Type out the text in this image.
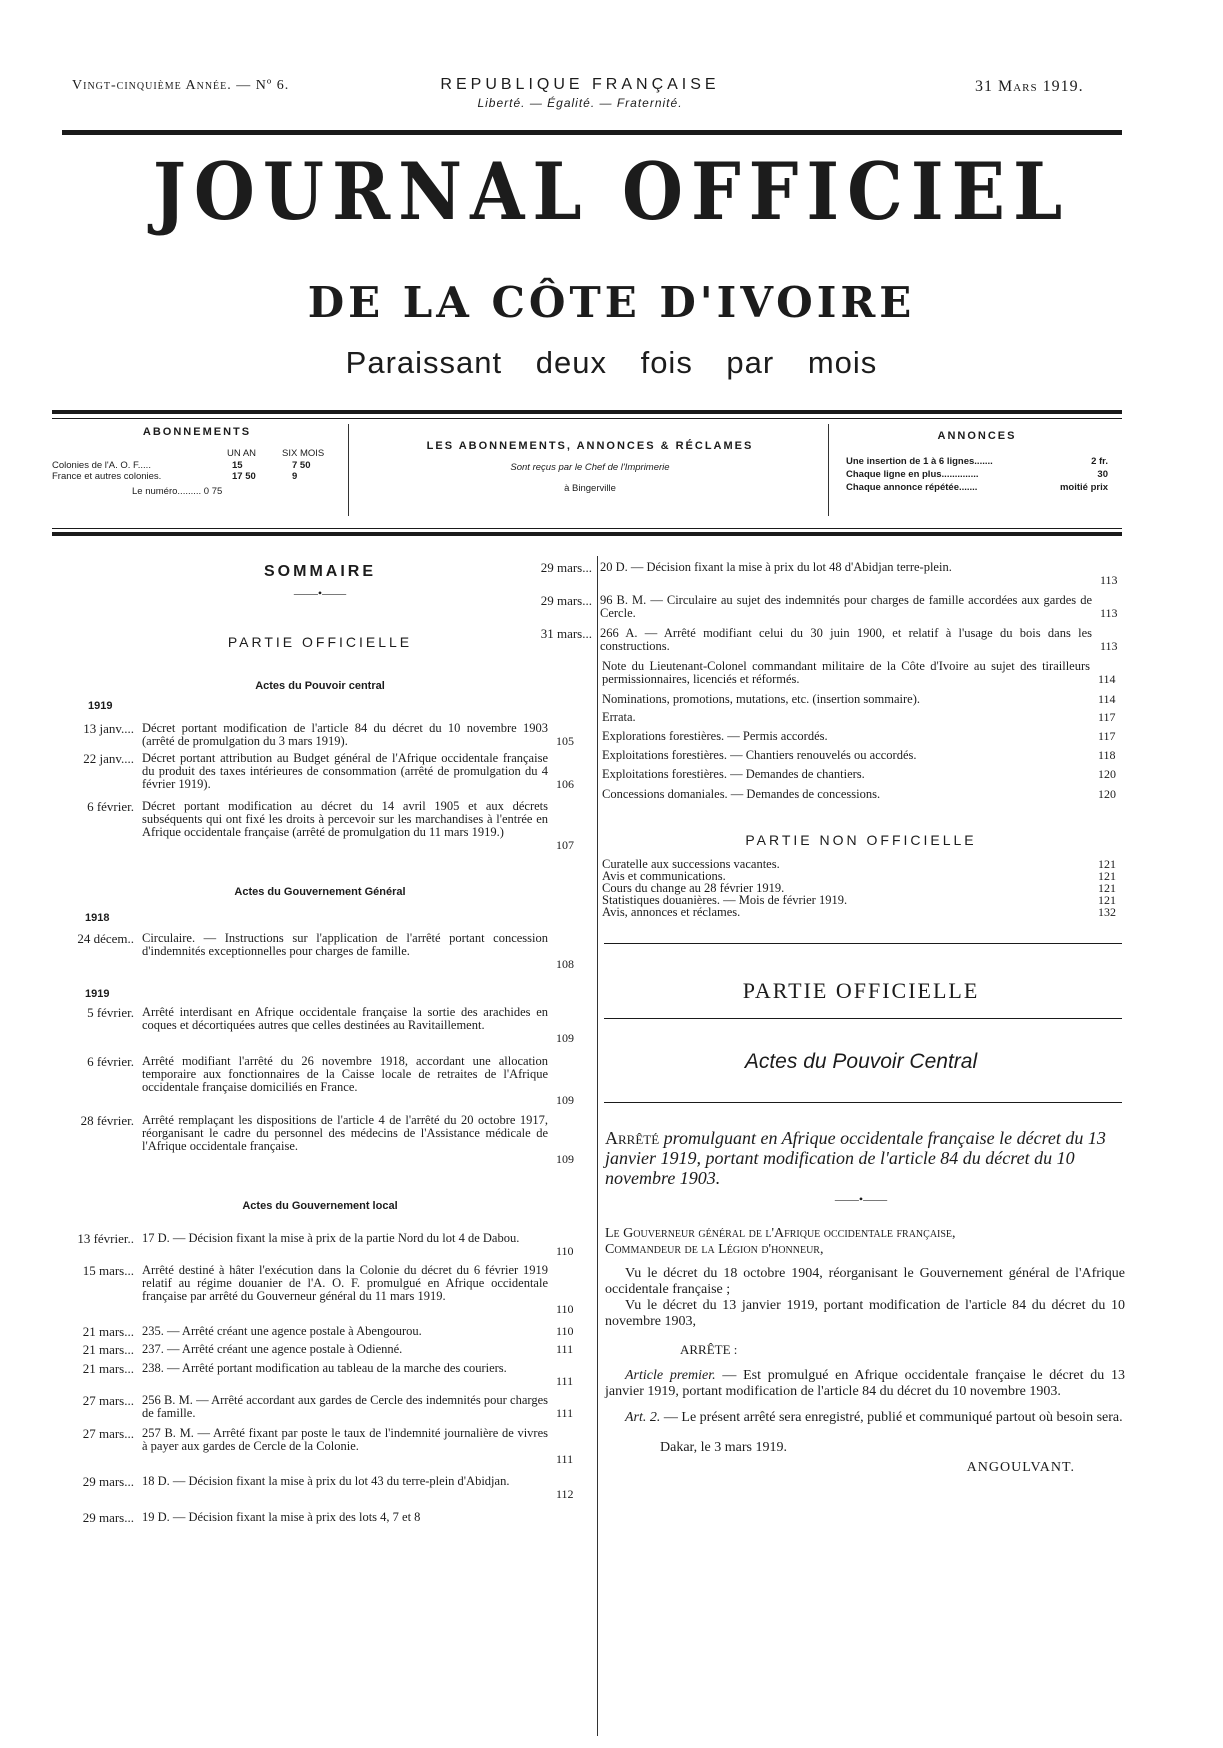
Vingt-cinquième Année. — Nº 6.	REPUBLIQUE FRANÇAISE
Liberté. — Égalité. — Fraternité.
31 Mars 1919.
JOURNAL OFFICIEL
DE LA CÔTE D'IVOIRE
Paraissant deux fois par mois
ABONNEMENTS
UN AN	SIX MOIS
Colonies de l'A. O. F.....	15	7 50
France et autres colonies.	17 50	9
Le numéro......... 0 75
LES ABONNEMENTS, ANNONCES & RÉCLAMES
Sont reçus par le Chef de l'Imprimerie
à Bingerville
ANNONCES
Une insertion de 1 à 6 lignes.......	2 fr.
Chaque ligne en plus..............	30
Chaque annonce répétée.......	moitié prix
SOMMAIRE
——•——
PARTIE OFFICIELLE
Actes du Pouvoir central
1919
Actes du Gouvernement Général
1918
1919
Actes du Gouvernement local
13 janv.... Décret portant modification de l'article 84 du décret du 10 novembre 1903 (arrêté de promulgation du 3 mars 1919).	105
22 janv.... Décret portant attribution au Budget général de l'Afrique occidentale française du produit des taxes intérieures de consommation (arrêté de promulgation du 4 février 1919).	106
6 février. Décret portant modification au décret du 14 avril 1905 et aux décrets subséquents qui ont fixé les droits à percevoir sur les marchandises à l'entrée en Afrique occidentale française (arrêté de promulgation du 11 mars 1919.)
107
24 décem.. Circulaire. — Instructions sur l'application de l'arrêté portant concession d'indemnités exceptionnelles pour charges de famille.
108
5 février. Arrêté interdisant en Afrique occidentale française la sortie des arachides en coques et décortiquées autres que celles destinées au Ravitaillement.
109
6 février. Arrêté modifiant l'arrêté du 26 novembre 1918, accordant une allocation temporaire aux fonctionnaires de la Caisse locale de retraites de l'Afrique occidentale française domiciliés en France.
109
28 février. Arrêté remplaçant les dispositions de l'article 4 de l'arrêté du 20 octobre 1917, réorganisant le cadre du personnel des médecins de l'Assistance médicale de l'Afrique occidentale française.
109
13 février.. 17 D. — Décision fixant la mise à prix de la partie Nord du lot 4 de Dabou.
110
15 mars... Arrêté destiné à hâter l'exécution dans la Colonie du décret du 6 février 1919 relatif au régime douanier de l'A. O. F. promulgué en Afrique occidentale française par arrêté du Gouverneur général du 11 mars 1919.
110
21 mars... 235. — Arrêté créant une agence postale à Abengourou.	110
21 mars... 237. — Arrêté créant une agence postale à Odienné.	111
21 mars... 238. — Arrêté portant modification au tableau de la marche des couriers.
111
27 mars... 256 B. M. — Arrêté accordant aux gardes de Cercle des indemnités pour charges de famille.	111
27 mars... 257 B. M. — Arrêté fixant par poste le taux de l'indemnité journalière de vivres à payer aux gardes de Cercle de la Colonie.
111
29 mars... 18 D. — Décision fixant la mise à prix du lot 43 du terre-plein d'Abidjan.
112
29 mars... 19 D. — Décision fixant la mise à prix des lots 4, 7 et 8
29 mars... 20 D. — Décision fixant la mise à prix du lot 48 d'Abidjan terre-plein.
113
29 mars... 96 B. M. — Circulaire au sujet des indemnités pour charges de famille accordées aux gardes de Cercle.	113
31 mars... 266 A. — Arrêté modifiant celui du 30 juin 1900, et relatif à l'usage du bois dans les constructions.	113
Note du Lieutenant-Colonel commandant militaire de la Côte d'Ivoire au sujet des tirailleurs permissionnaires, licenciés et réformés.	114
Nominations, promotions, mutations, etc. (insertion sommaire).	114
Errata.	117
Explorations forestières. — Permis accordés.	117
Exploitations forestières. — Chantiers renouvelés ou accordés.	118
Exploitations forestières. — Demandes de chantiers.	120
Concessions domaniales. — Demandes de concessions.	120
PARTIE NON OFFICIELLE
Curatelle aux successions vacantes.	121
Avis et communications.	121
Cours du change au 28 février 1919.	121
Statistiques douanières. — Mois de février 1919.	121
Avis, annonces et réclames.	132
PARTIE OFFICIELLE
Actes du Pouvoir Central
Arrêté promulguant en Afrique occidentale française le décret du 13 janvier 1919, portant modification de l'article 84 du décret du 10 novembre 1903.
——•——
Le Gouverneur général de l'Afrique occidentale française,
Commandeur de la Légion d'honneur,
Vu le décret du 18 octobre 1904, réorganisant le Gouvernement général de l'Afrique occidentale française ;
Vu le décret du 13 janvier 1919, portant modification de l'article 84 du décret du 10 novembre 1903,
ARRÊTE :
Article premier. — Est promulgué en Afrique occidentale française le décret du 13 janvier 1919, portant modification de l'article 84 du décret du 10 novembre 1903.
Art. 2. — Le présent arrêté sera enregistré, publié et communiqué partout où besoin sera.
Dakar, le 3 mars 1919.
ANGOULVANT.
